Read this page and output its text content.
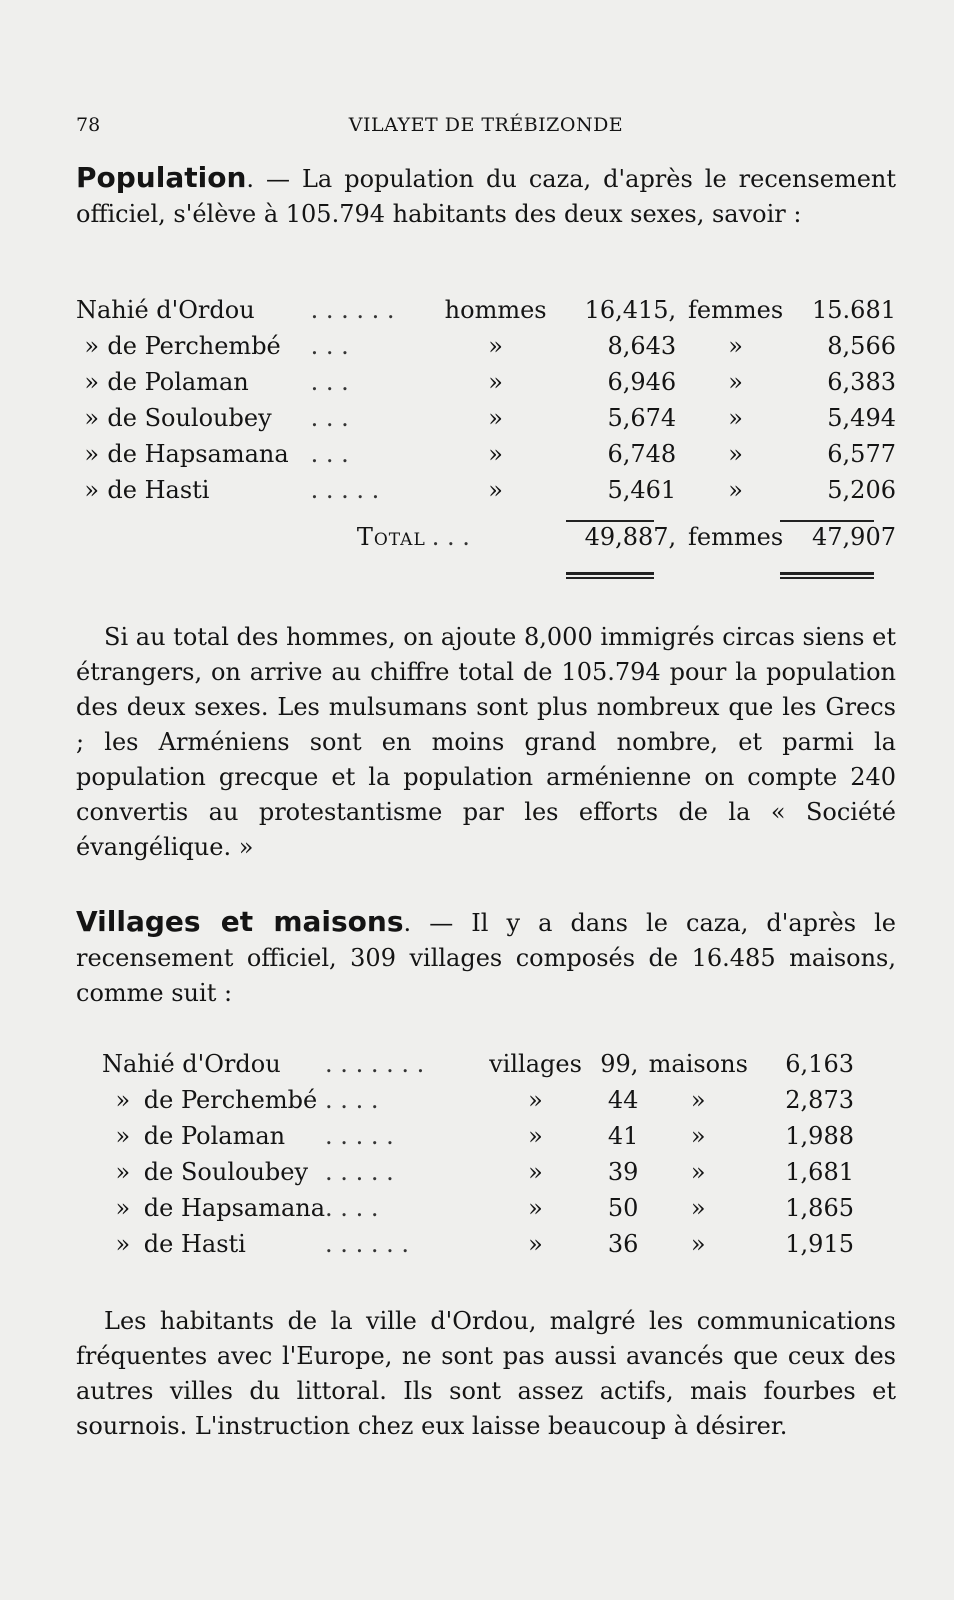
78	VILAYET DE TRÉBIZONDE
Population. — La population du caza, d'après le recensement officiel, s'élève à 105.794 habitants des deux sexes, savoir :
Nahié d'Ordou		. . . . . .	hommes	16,415,	femmes	15.681
»	de Perchembé	. . .	»	8,643	»	8,566
»	de Polaman	. . .	»	6,946	»	6,383
»	de Souloubey	. . .	»	5,674	»	5,494
»	de Hapsamana	. . .	»	6,748	»	6,577
»	de Hasti	. . . . .	»	5,461	»	5,206
		Total	. . .	49,887,	femmes	47,907
Si au total des hommes, on ajoute 8,000 immigrés circas siens et étrangers, on arrive au chiffre total de 105.794 pour la population des deux sexes. Les mulsumans sont plus nombreux que les Grecs ; les Arméniens sont en moins grand nombre, et parmi la population grecque et la population arménienne on compte 240 convertis au protestantisme par les efforts de la « Société évangélique. »
Villages et maisons. — Il y a dans le caza, d'après le recensement officiel, 309 villages composés de 16.485 maisons, comme suit :
Nahié d'Ordou		. . . . . . .	villages	99,	maisons	6,163
»	de Perchembé	. . . .	»	44	»	2,873
»	de Polaman	. . . . .	»	41	»	1,988
»	de Souloubey	. . . . .	»	39	»	1,681
»	de Hapsamana	. . . .	»	50	»	1,865
»	de Hasti	. . . . . .	»	36	»	1,915
Les habitants de la ville d'Ordou, malgré les communications fréquentes avec l'Europe, ne sont pas aussi avancés que ceux des autres villes du littoral. Ils sont assez actifs, mais fourbes et sournois. L'instruction chez eux laisse beaucoup à désirer.
